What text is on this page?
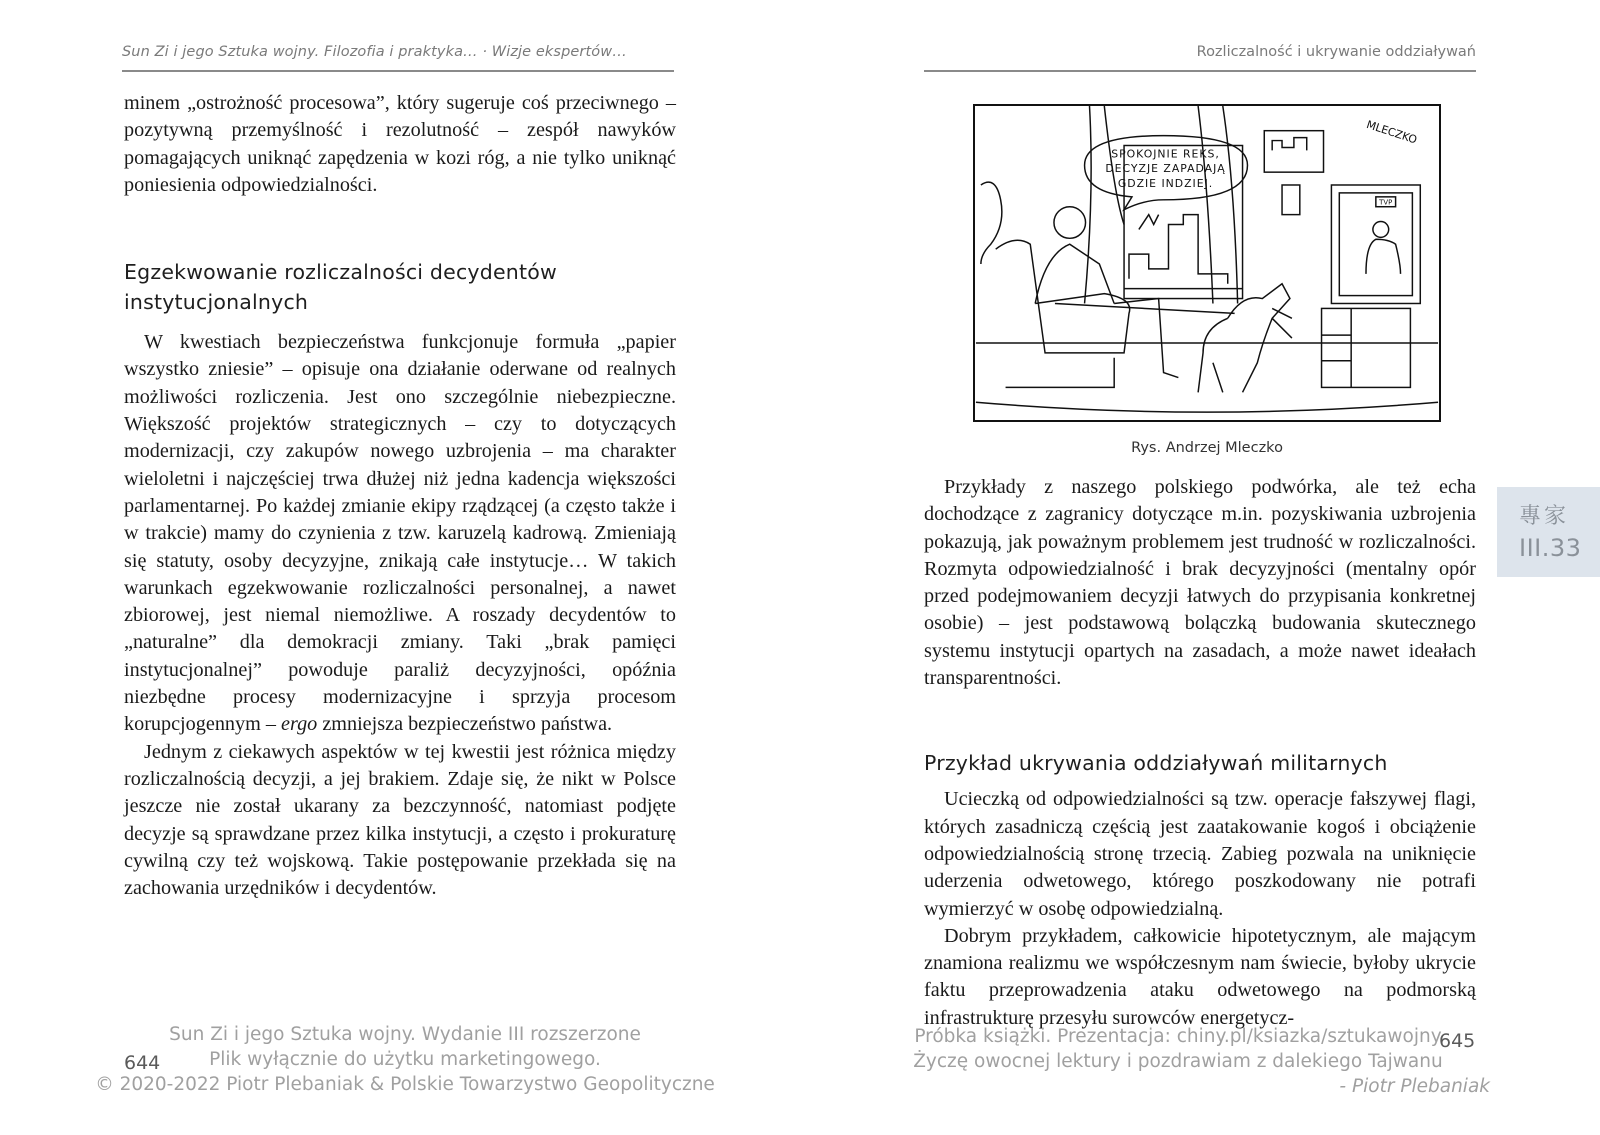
Sun Zi i jego Sztuka wojny. Filozofia i praktyka… · Wizje ekspertów…

minem „ostrożność procesowa”, który sugeruje coś przeciwnego – pozytywną przemyślność i rezolutność – zespół nawyków pomagających uniknąć zapędzenia w kozi róg, a nie tylko uniknąć poniesienia odpowiedzialności.

Egzekwowanie rozliczalności decydentów instytucjonalnych

W kwestiach bezpieczeństwa funkcjonuje formuła „papier wszystko zniesie” – opisuje ona działanie oderwane od realnych możliwości rozliczenia. Jest ono szczególnie niebezpieczne. Większość projektów strategicznych – czy to dotyczących modernizacji, czy zakupów nowego uzbrojenia – ma charakter wieloletni i najczęściej trwa dłużej niż jedna kadencja większości parlamentarnej. Po każdej zmianie ekipy rządzącej (a często także i w trakcie) mamy do czynienia z tzw. karuzelą kadrową. Zmieniają się statuty, osoby decyzyjne, znikają całe instytucje… W takich warunkach egzekwowanie rozliczalności personalnej, a nawet zbiorowej, jest niemal niemożliwe. A roszady decydentów to „naturalne” dla demokracji zmiany. Taki „brak pamięci instytucjonalnej” powoduje paraliż decyzyjności, opóźnia niezbędne procesy modernizacyjne i sprzyja procesom korupcjogennym – ergo zmniejsza bezpieczeństwo państwa.

Jednym z ciekawych aspektów w tej kwestii jest różnica między rozliczalnością decyzji, a jej brakiem. Zdaje się, że nikt w Polsce jeszcze nie został ukarany za bezczynność, natomiast podjęte decyzje są sprawdzane przez kilka instytucji, a często i prokuraturę cywilną czy też wojskową. Takie postępowanie przekłada się na zachowania urzędników i decydentów.

644
Sun Zi i jego Sztuka wojny. Wydanie III rozszerzone
Plik wyłącznie do użytku marketingowego.
© 2020-2022 Piotr Plebaniak & Polskie Towarzystwo Geopolityczne
Rozliczalność i ukrywanie oddziaływań
SPOKOJNIE REKS,
DECYZJE ZAPADAJĄ
GDZIE INDZIEJ.
TVP
MLECZKO
Rys. Andrzej Mleczko

Przykłady z naszego polskiego podwórka, ale też echa dochodzące z zagranicy dotyczące m.in. pozyskiwania uzbrojenia pokazują, jak poważnym problemem jest trudność w rozliczalności. Rozmyta odpowiedzialność i brak decyzyjności (mentalny opór przed podejmowaniem decyzji łatwych do przypisania konkretnej osobie) – jest podstawową bolączką budowania skutecznego systemu instytucji opartych na zasadach, a może nawet ideałach transparentności.

Przykład ukrywania oddziaływań militarnych

Ucieczką od odpowiedzialności są tzw. operacje fałszywej flagi, których zasadniczą częścią jest zaatakowanie kogoś i obciążenie odpowiedzialnością stronę trzecią. Zabieg pozwala na uniknięcie uderzenia odwetowego, którego poszkodowany nie potrafi wymierzyć w osobę odpowiedzialną.

Dobrym przykładem, całkowicie hipotetycznym, ale mającym znamiona realizmu we współczesnym nam świecie, byłoby ukrycie faktu przeprowadzenia ataku odwetowego na podmorską infrastrukturę przesyłu surowców energetycz-

645
Próbka książki. Prezentacja: chiny.pl/ksiazka/sztukawojny
Życzę owocnej lektury i pozdrawiam z dalekiego Tajwanu
- Piotr Plebaniak
專家
III.33
